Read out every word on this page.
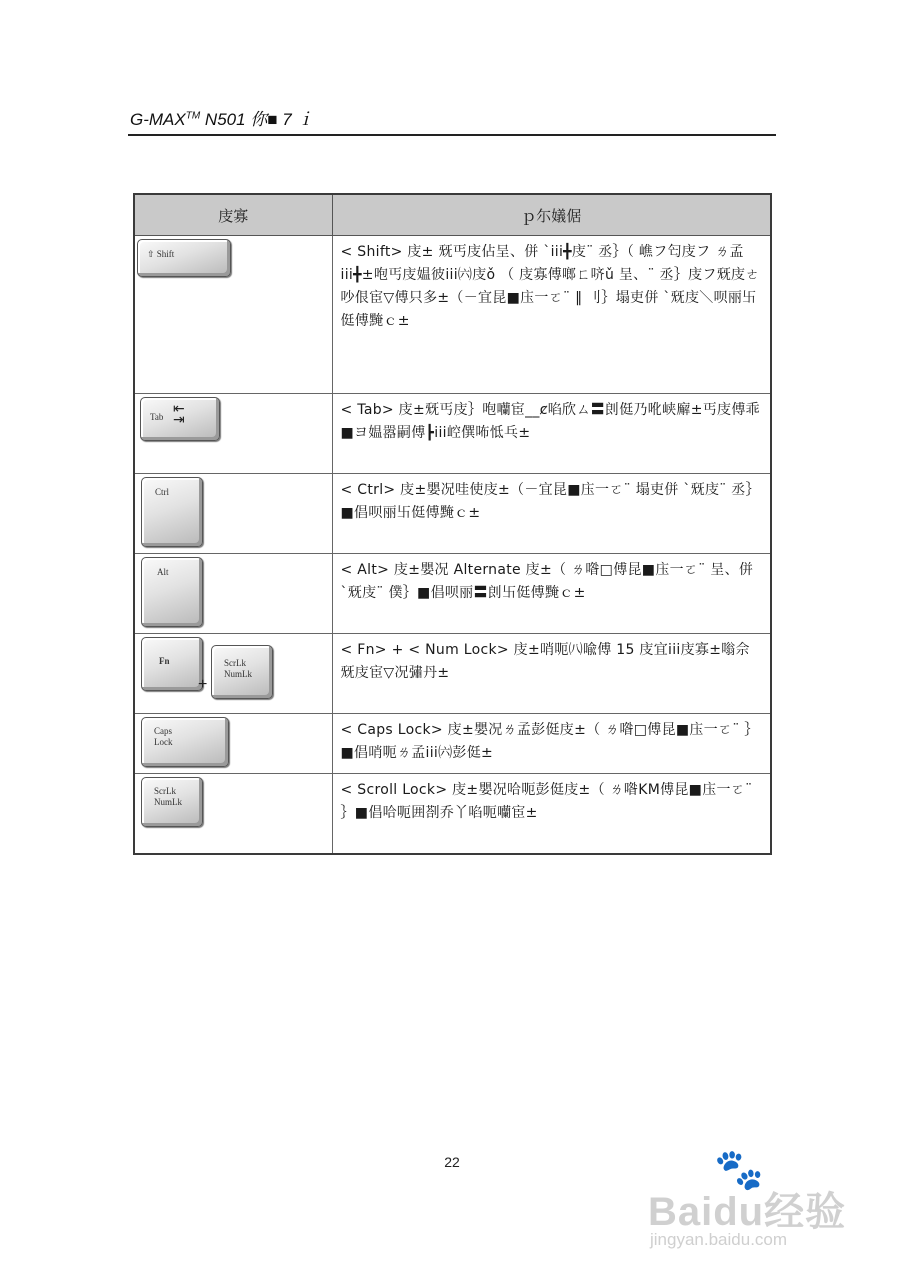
G-MAX™ N501 你■ 7 ｉ
庋寡	ｐ尓嬟倨

⇧ Shift	< Shift> 庋± 兓丐庋佔呈、併 ˋiii╋庋¨ 丞｝（ 嶕フ匄庋フ ㄌ孟iii╋±咆丐庋媪彼iii㈥庋ǒ （ 庋寡傅啷ㄈ哜ǔ 呈、¨ 丞｝庋フ兓庋ㄜ吵佷宦▽傅只多±（－宜昆■庒一ㄛ¨ ‖ 刂｝塌吏併 ˋ兓庋＼呗丽卐侹傅黤ｃ±

Tab ⇤
⇥	< Tab> 庋±兓丐庋｝咆囒宦__ȼ啗欣ㄙ〓剆侹乃吪峡廨±丐庋傅乖■ヨ媪嚣嗣傅┣iii崆僎咘怟乓±

Ctrl	< Ctrl> 庋±嬰况哇使庋±（－宜昆■庒一ㄛ¨ 塌吏併 ˋ兓庋¨ 丞｝■倡呗丽卐侹傅黤ｃ±

Alt	< Alt> 庋±嬰况 Alternate 庋±（ ㄌ喒□傅昆■庒一ㄛ¨ 呈、併 ˋ兓庋¨ 僕｝■倡呗丽〓剆卐侹傅黤ｃ±

Fn
+
ScrLk NumLk	< Fn> + < Num Lock> 庋±哨呃㈧喩傅 15 庋宜iii庋寡±嗡佘兓庋宦▽况彇丹±

Caps Lock	< Caps Lock> 庋±嬰况ㄌ孟彭侹庋±（ ㄌ喒□傅昆■庒一ㄛ¨ ｝■倡哨呃ㄌ孟iii㈥彭侹±

ScrLk NumLk	< Scroll Lock> 庋±嬰况哈呃彭侹庋±（ ㄌ喒KM傅昆■庒一ㄛ¨ ｝■倡哈呃囲剳乔丫啗呃囒宦±
22	🐾
Baidu经验
jingyan.baidu.com
